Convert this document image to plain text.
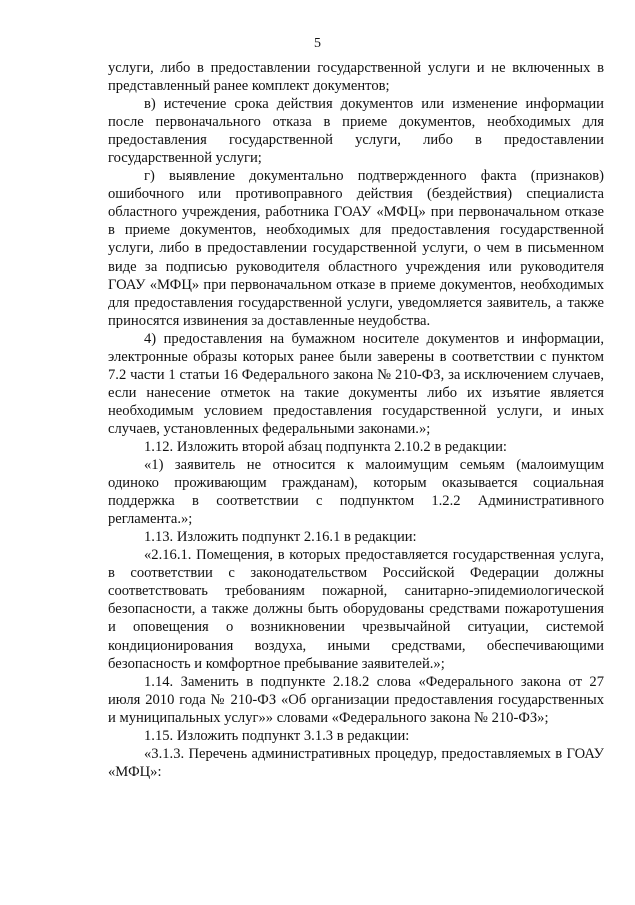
5

услуги, либо в предоставлении государственной услуги и не включенных в представленный ранее комплект документов;

в) истечение срока действия документов или изменение информации после первоначального отказа в приеме документов, необходимых для предоставления государственной услуги, либо в предоставлении государственной услуги;

г) выявление документально подтвержденного факта (признаков) ошибочного или противоправного действия (бездействия) специалиста областного учреждения, работника ГОАУ «МФЦ» при первоначальном отказе в приеме документов, необходимых для предоставления государственной услуги, либо в предоставлении государственной услуги, о чем в письменном виде за подписью руководителя областного учреждения или руководителя ГОАУ «МФЦ» при первоначальном отказе в приеме документов, необходимых для предоставления государственной услуги, уведомляется заявитель, а также приносятся извинения за доставленные неудобства.

4) предоставления на бумажном носителе документов и информации, электронные образы которых ранее были заверены в соответствии с пунктом 7.2 части 1 статьи 16 Федерального закона № 210-ФЗ, за исключением случаев, если нанесение отметок на такие документы либо их изъятие является необходимым условием предоставления государственной услуги, и иных случаев, установленных федеральными законами.»;

1.12. Изложить второй абзац подпункта 2.10.2 в редакции:

«1) заявитель не относится к малоимущим семьям (малоимущим одиноко проживающим гражданам), которым оказывается социальная поддержка в соответствии с подпунктом 1.2.2 Административного регламента.»;

1.13. Изложить подпункт 2.16.1 в редакции:

«2.16.1. Помещения, в которых предоставляется государственная услуга, в соответствии с законодательством Российской Федерации должны соответствовать требованиям пожарной, санитарно-эпидемиологической безопасности, а также должны быть оборудованы средствами пожаротушения и оповещения о возникновении чрезвычайной ситуации, системой кондиционирования воздуха, иными средствами, обеспечивающими безопасность и комфортное пребывание заявителей.»;

1.14. Заменить в подпункте 2.18.2 слова «Федерального закона от 27 июля 2010 года № 210-ФЗ «Об организации предоставления государственных и муниципальных услуг»» словами «Федерального закона № 210-ФЗ»;

1.15. Изложить подпункт 3.1.3 в редакции:

«3.1.3. Перечень административных процедур, предоставляемых в ГОАУ «МФЦ»:
